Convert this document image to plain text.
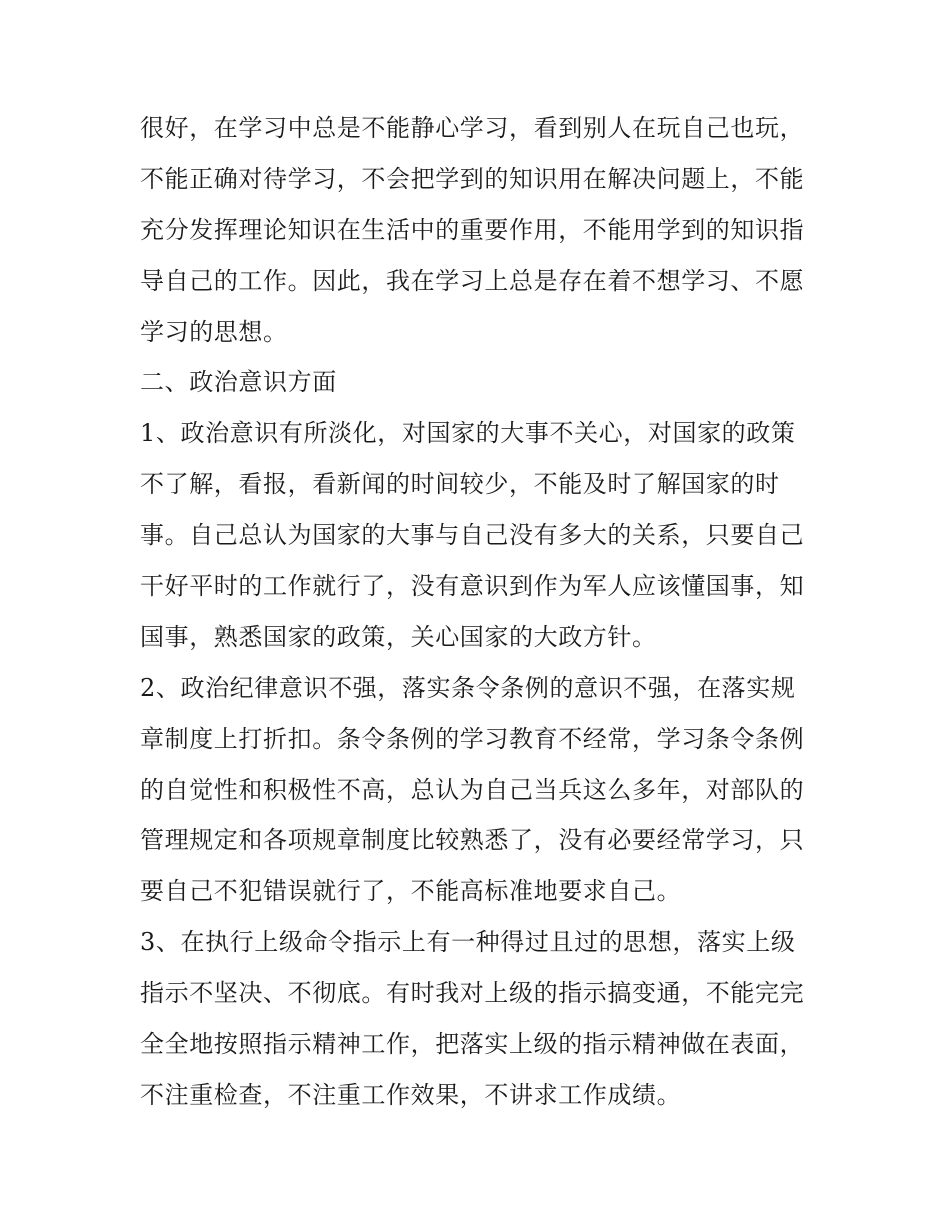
很好，在学习中总是不能静心学习，看到别人在玩自己也玩，
不能正确对待学习，不会把学到的知识用在解决问题上，不能
充分发挥理论知识在生活中的重要作用，不能用学到的知识指
导自己的工作。因此，我在学习上总是存在着不想学习、不愿
学习的思想。
二、政治意识方面
1、政治意识有所淡化，对国家的大事不关心，对国家的政策
不了解，看报，看新闻的时间较少，不能及时了解国家的时
事。自己总认为国家的大事与自己没有多大的关系，只要自己
干好平时的工作就行了，没有意识到作为军人应该懂国事，知
国事，熟悉国家的政策，关心国家的大政方针。
2、政治纪律意识不强，落实条令条例的意识不强，在落实规
章制度上打折扣。条令条例的学习教育不经常，学习条令条例
的自觉性和积极性不高，总认为自己当兵这么多年，对部队的
管理规定和各项规章制度比较熟悉了，没有必要经常学习，只
要自己不犯错误就行了，不能高标准地要求自己。
3、在执行上级命令指示上有一种得过且过的思想，落实上级
指示不坚决、不彻底。有时我对上级的指示搞变通，不能完完
全全地按照指示精神工作，把落实上级的指示精神做在表面，
不注重检查，不注重工作效果，不讲求工作成绩。
